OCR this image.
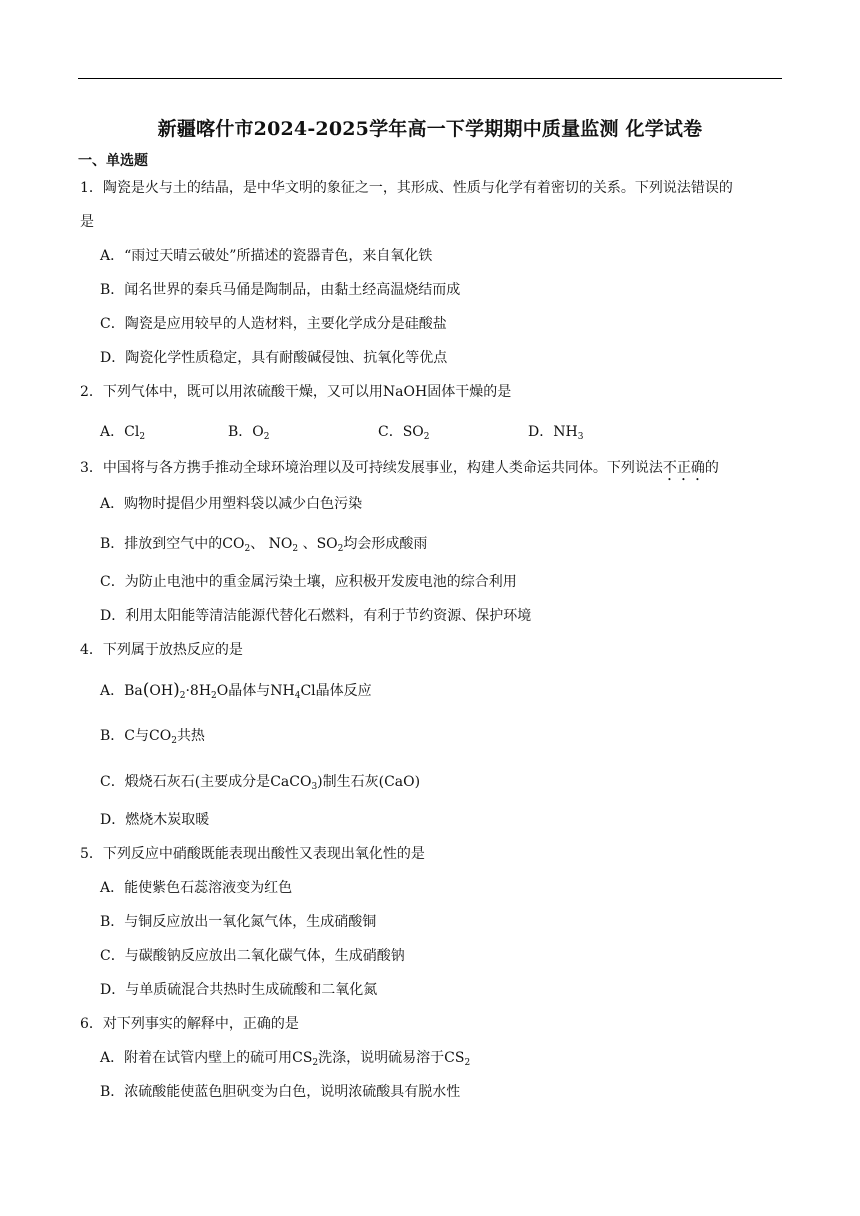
新疆喀什市2024-2025学年高一下学期期中质量监测 化学试卷
一、单选题
1．陶瓷是火与土的结晶，是中华文明的象征之一，其形成、性质与化学有着密切的关系。下列说法错误的
是
A．“雨过天晴云破处”所描述的瓷器青色，来自氧化铁
B．闻名世界的秦兵马俑是陶制品，由黏土经高温烧结而成
C．陶瓷是应用较早的人造材料，主要化学成分是硅酸盐
D．陶瓷化学性质稳定，具有耐酸碱侵蚀、抗氧化等优点
2．下列气体中，既可以用浓硫酸干燥，又可以用NaOH固体干燥的是
A．$Cl_2$	B．$O_2$	C．$SO_2$	D．$NH_3$
3．中国将与各方携手推动全球环境治理以及可持续发展事业，构建人类命运共同体。下列说法不正确的
A．购物时提倡少用塑料袋以减少白色污染
B．排放到空气中的$CO_2$、 $NO_2$ 、$SO_2$均会形成酸雨
C．为防止电池中的重金属污染土壤，应积极开发废电池的综合利用
D．利用太阳能等清洁能源代替化石燃料，有利于节约资源、保护环境
4．下列属于放热反应的是
A．$Ba(OH)_2\cdot 8H_2O$晶体与$NH_4Cl$晶体反应
B．C与$CO_2$共热
C．煅烧石灰石(主要成分是CaCO$_3$)制生石灰(CaO)
D．燃烧木炭取暖
5．下列反应中硝酸既能表现出酸性又表现出氧化性的是
A．能使紫色石蕊溶液变为红色
B．与铜反应放出一氧化氮气体，生成硝酸铜
C．与碳酸钠反应放出二氧化碳气体，生成硝酸钠
D．与单质硫混合共热时生成硫酸和二氧化氮
6．对下列事实的解释中，正确的是
A．附着在试管内壁上的硫可用$CS_2$洗涤，说明硫易溶于$CS_2$
B．浓硫酸能使蓝色胆矾变为白色，说明浓硫酸具有脱水性
